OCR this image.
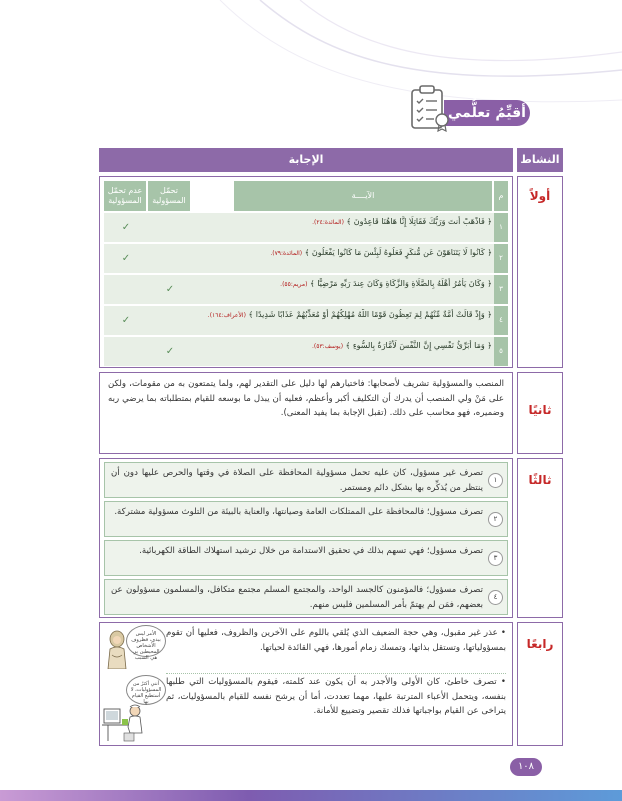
أقيِّمُ تعلُّمي
النشاط
الإجابة
أولاً
م
الآيــــة
تحمّل المسؤولية
عدم تحمّل المسؤولية
١
﴿ فَاذْهَبْ أَنتَ وَرَبُّكَ فَقَاتِلَا إِنَّا هَاهُنَا قَاعِدُونَ ﴾ (المائدة:٢٤).
✓
٢
﴿ كَانُوا لَا يَتَنَاهَوْنَ عَن مُّنكَرٍ فَعَلُوهُ لَبِئْسَ مَا كَانُوا يَفْعَلُونَ ﴾ (المائدة:٧٩).
✓
٣
﴿ وَكَانَ يَأْمُرُ أَهْلَهُ بِالصَّلَاةِ وَالزَّكَاةِ وَكَانَ عِندَ رَبِّهِ مَرْضِيًّا ﴾ (مريم:٥٥).
✓
٤
﴿ وَإِذْ قَالَتْ أُمَّةٌ مِّنْهُمْ لِمَ تَعِظُونَ قَوْمًا اللَّهُ مُهْلِكُهُمْ أَوْ مُعَذِّبُهُمْ عَذَابًا شَدِيدًا ﴾ (الأعراف:١٦٤).
✓
٥
﴿ وَمَا أُبَرِّئُ نَفْسِي إِنَّ النَّفْسَ لَأَمَّارَةٌ بِالسُّوءِ ﴾ (يوسف:٥٣).
✓
ثانيًا
المنصب والمسؤولية تشريف لأصحابها: فاختيارهم لها دليل على التقدير لهم، ولما يتمتعون به من مقومات، ولكن على مَنْ ولي المنصب أن يدرك أن التكليف أكبر وأعظم، فعليه أن يبذل ما بوسعه للقيام بمتطلباته بما يرضي ربه وضميره، فهو محاسب على ذلك. (تقبل الإجابة بما يفيد المعنى).
ثالثًا
١
تصرف غير مسؤول، كان عليه تحمل مسؤولية المحافظة على الصلاة في وقتها والحرص عليها دون أن ينتظر من يُذكِّره بها بشكل دائم ومستمر.
٢
تصرف مسؤول؛ فالمحافظة على الممتلكات العامة وصيانتها، والعناية بالبيئة من التلوث مسؤولية مشتركة.
٣
تصرف مسؤول؛ فهي تسهم بذلك في تحقيق الاستدامة من خلال ترشيد استهلاك الطاقة الكهربائية.
٤
تصرف مسؤول؛ فالمؤمنون كالجسد الواحد، والمجتمع المسلم مجتمع متكافل، والمسلمون مسؤولون عن بعضهم، فمَن لم يهتمّ بأمر المسلمين فليس منهم.
رابعًا
• عذر غير مقبول، وهي حجة الضعيف الذي يُلقي باللوم على الآخرين والظروف، فعليها أن تقوم بمسؤولياتها، وتستقل بذاتها، وتمسك زمام أمورها، فهي القائدة لحياتها.
• تصرف خاطئ، كان الأولى والأجدر به أن يكون عند كلمته، فيقوم بالمسؤوليات التي طلبها بنفسه، ويتحمل الأعباء المترتبة عليها، مهما تعددت، أما أن يرشح نفسه للقيام بالمسؤوليات، ثم يتراخى عن القيام بواجباتها فذلك تقصير وتضييع للأمانة.
الأمر ليس بيدي، فظروف الأشخاص المحيطين بي هي السبب
أنني أكثرُ من المسؤوليات، لا أستطيع القيام بها
١٠٨
